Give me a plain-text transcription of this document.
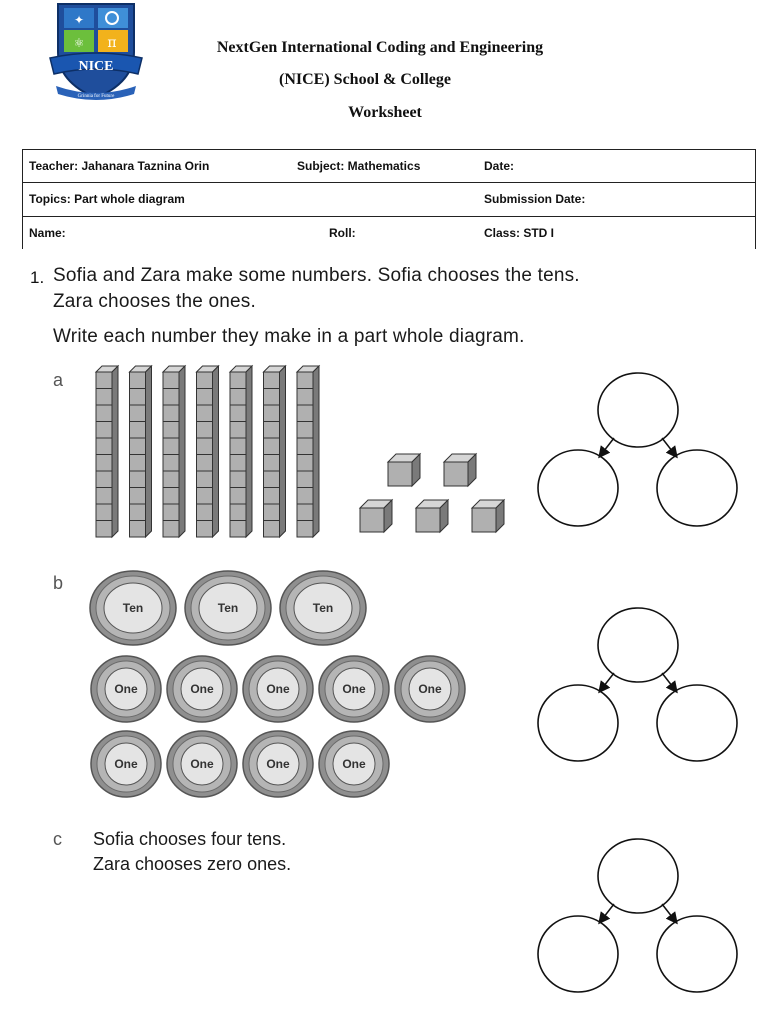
π
⚛
✦
NICE
Grinnia for Future
NextGen International Coding and Engineering
(NICE) School & College
Worksheet
Teacher: Jahanara Taznina Orin	Subject: Mathematics	Date:
Topics: Part whole diagram		Submission Date:
Name:	Roll:	Class: STD I
1. Sofia and Zara make some numbers. Sofia chooses the tens.
Zara chooses the ones.
Write each number they make in a part whole diagram.
a
b
Ten	Ten	Ten
One	One	One	One	One
One	One	One	One
c Sofia chooses four tens.
Zara chooses zero ones.
